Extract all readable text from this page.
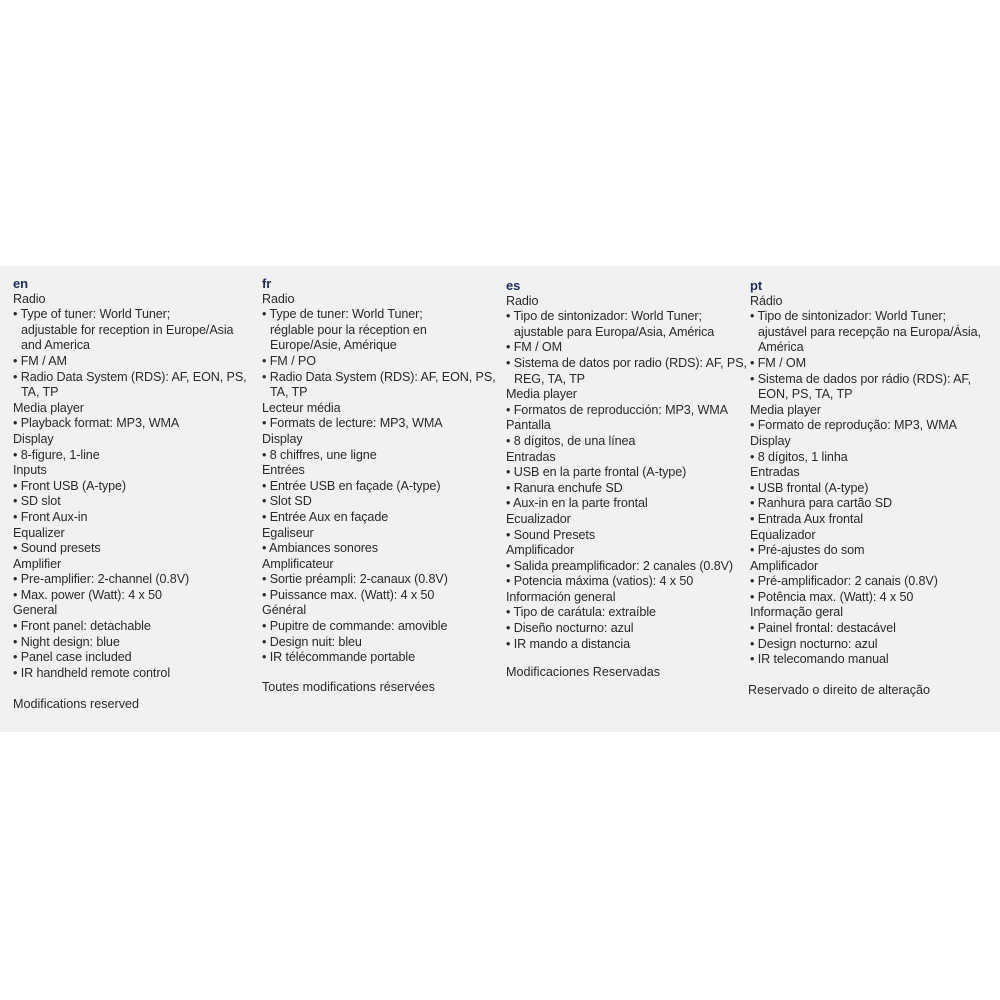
en
Radio
• Type of tuner: World Tuner;
adjustable for reception in Europe/Asia
and America
• FM / AM
• Radio Data System (RDS): AF, EON, PS,
TA, TP
Media player
• Playback format: MP3, WMA
Display
• 8-figure, 1-line
Inputs
• Front USB (A-type)
• SD slot
• Front Aux-in
Equalizer
• Sound presets
Amplifier
• Pre-amplifier: 2-channel (0.8V)
• Max. power (Watt): 4 x 50
General
• Front panel: detachable
• Night design: blue
• Panel case included
• IR handheld remote control
Modifications reserved
fr
Radio
• Type de tuner: World Tuner;
réglable pour la réception en
Europe/Asie, Amérique
• FM / PO
• Radio Data System (RDS): AF, EON, PS,
TA, TP
Lecteur média
• Formats de lecture: MP3, WMA
Display
• 8 chiffres, une ligne
Entrées
• Entrée USB en façade (A-type)
• Slot SD
• Entrée Aux en façade
Egaliseur
• Ambiances sonores
Amplificateur
• Sortie préampli: 2-canaux (0.8V)
• Puissance max. (Watt): 4 x 50
Général
• Pupitre de commande: amovible
• Design nuit: bleu
• IR télécommande portable
Toutes modifications réservées
es
Radio
• Tipo de sintonizador: World Tuner;
ajustable para Europa/Asia, América
• FM / OM
• Sistema de datos por radio (RDS): AF, PS,
REG, TA, TP
Media player
• Formatos de reproducción: MP3, WMA
Pantalla
• 8 dígitos, de una línea
Entradas
• USB en la parte frontal (A-type)
• Ranura enchufe SD
• Aux-in en la parte frontal
Ecualizador
• Sound Presets
Amplificador
• Salida preamplificador: 2 canales (0.8V)
• Potencia máxima (vatios): 4 x 50
Información general
• Tipo de carátula: extraíble
• Diseño nocturno: azul
• IR mando a distancia
Modificaciones Reservadas
pt
Rádio
• Tipo de sintonizador: World Tuner;
ajustável para recepção na Europa/Ásia,
América
• FM / OM
• Sistema de dados por rádio (RDS): AF,
EON, PS, TA, TP
Media player
• Formato de reprodução: MP3, WMA
Display
• 8 dígitos, 1 linha
Entradas
• USB frontal (A-type)
• Ranhura para cartão SD
• Entrada Aux frontal
Equalizador
• Pré-ajustes do som
Amplificador
• Pré-amplificador: 2 canais (0.8V)
• Potência max. (Watt): 4 x 50
Informação geral
• Painel frontal: destacável
• Design nocturno: azul
• IR telecomando manual
Reservado o direito de alteração
